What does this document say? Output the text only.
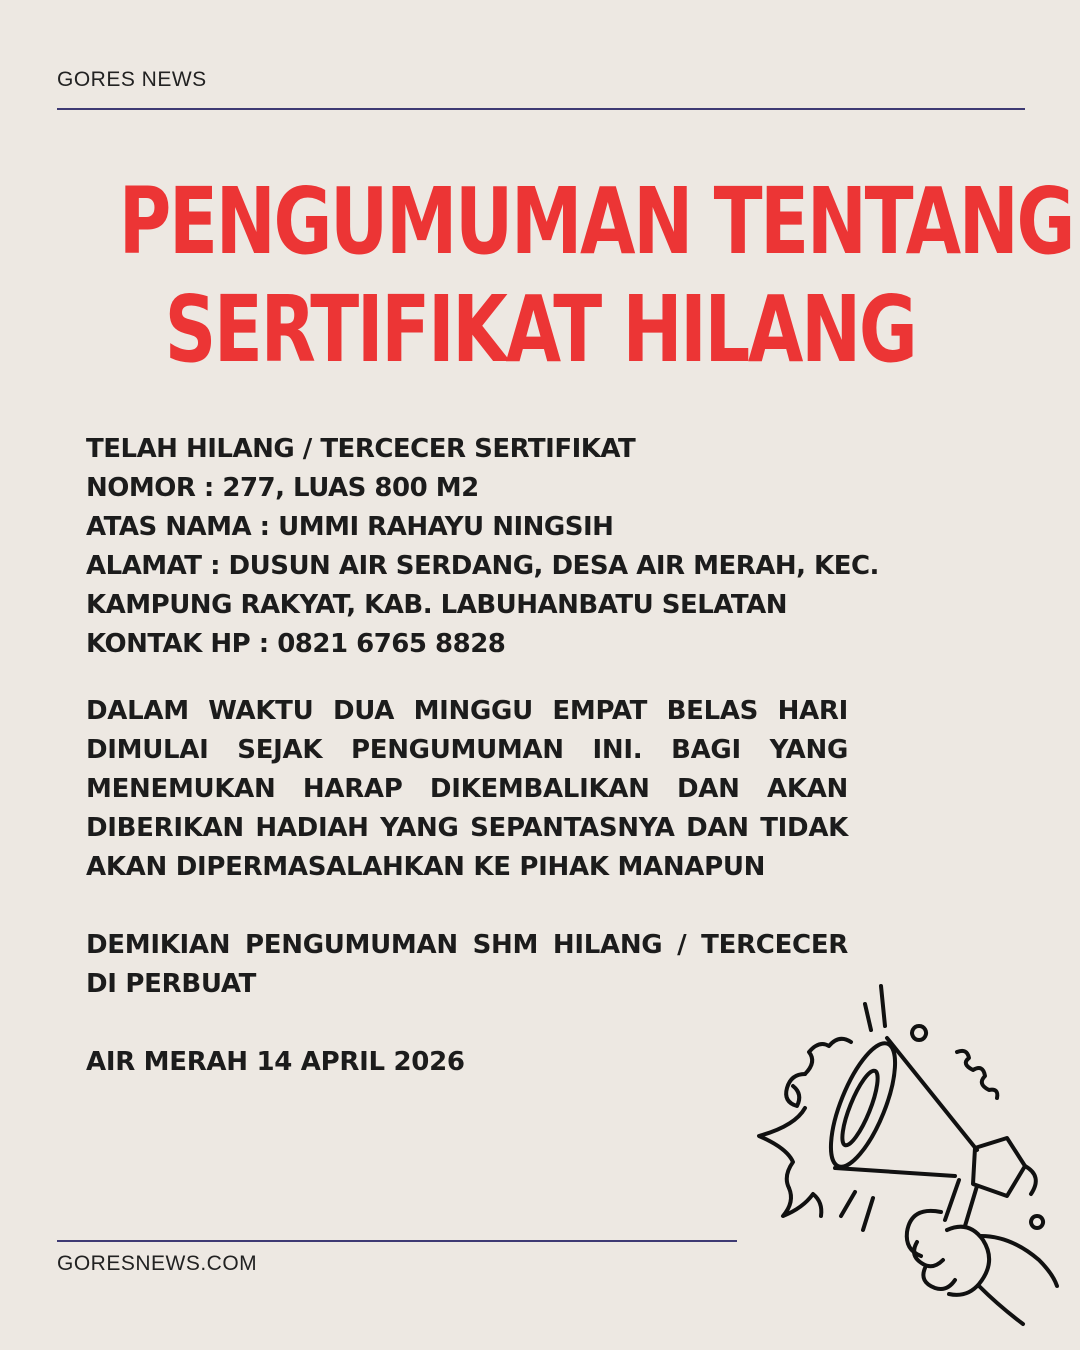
GORES NEWS
PENGUMUMAN TENTANG
SERTIFIKAT HILANG
TELAH HILANG / TERCECER SERTIFIKAT
NOMOR : 277, LUAS 800 M2
ATAS NAMA : UMMI RAHAYU NINGSIH
ALAMAT : DUSUN AIR SERDANG, DESA AIR MERAH, KEC.
KAMPUNG RAKYAT, KAB. LABUHANBATU SELATAN
KONTAK HP : 0821 6765 8828
DALAM WAKTU DUA MINGGU EMPAT BELAS HARI DIMULAI SEJAK PENGUMUMAN INI. BAGI YANG MENEMUKAN HARAP DIKEMBALIKAN DAN AKAN DIBERIKAN HADIAH YANG SEPANTASNYA DAN TIDAK AKAN DIPERMASALAHKAN KE PIHAK MANAPUN
DEMIKIAN PENGUMUMAN SHM HILANG / TERCECER DI PERBUAT
AIR MERAH 14 APRIL 2026
GORESNEWS.COM
